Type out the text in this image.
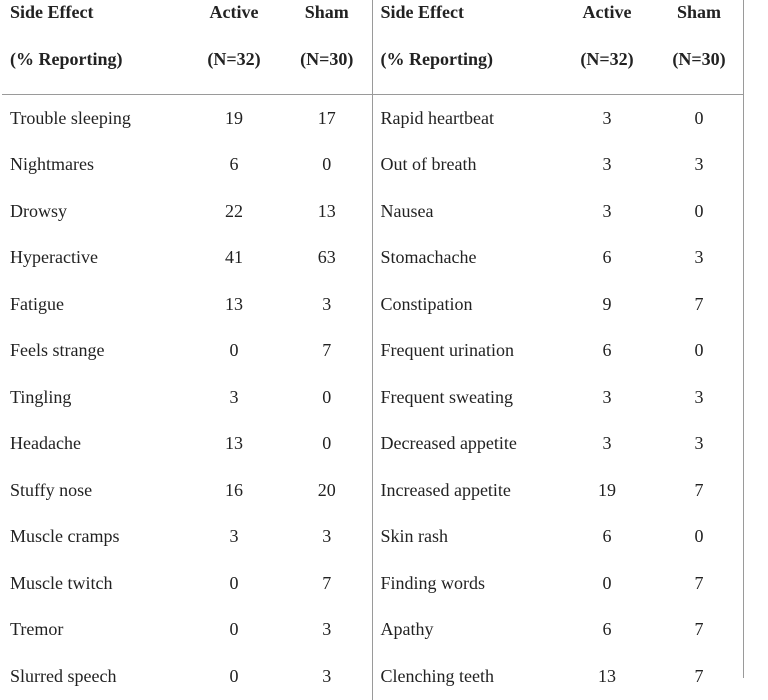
Side Effect	Active	Sham	Side Effect	Active	Sham
(% Reporting)	(N=32)	(N=30)	(% Reporting)	(N=32)	(N=30)
Trouble sleeping	19	17	Rapid heartbeat	3	0
Nightmares	6	0	Out of breath	3	3
Drowsy	22	13	Nausea	3	0
Hyperactive	41	63	Stomachache	6	3
Fatigue	13	3	Constipation	9	7
Feels strange	0	7	Frequent urination	6	0
Tingling	3	0	Frequent sweating	3	3
Headache	13	0	Decreased appetite	3	3
Stuffy nose	16	20	Increased appetite	19	7
Muscle cramps	3	3	Skin rash	6	0
Muscle twitch	0	7	Finding words	0	7
Tremor	0	3	Apathy	6	7
Slurred speech	0	3	Clenching teeth	13	7
